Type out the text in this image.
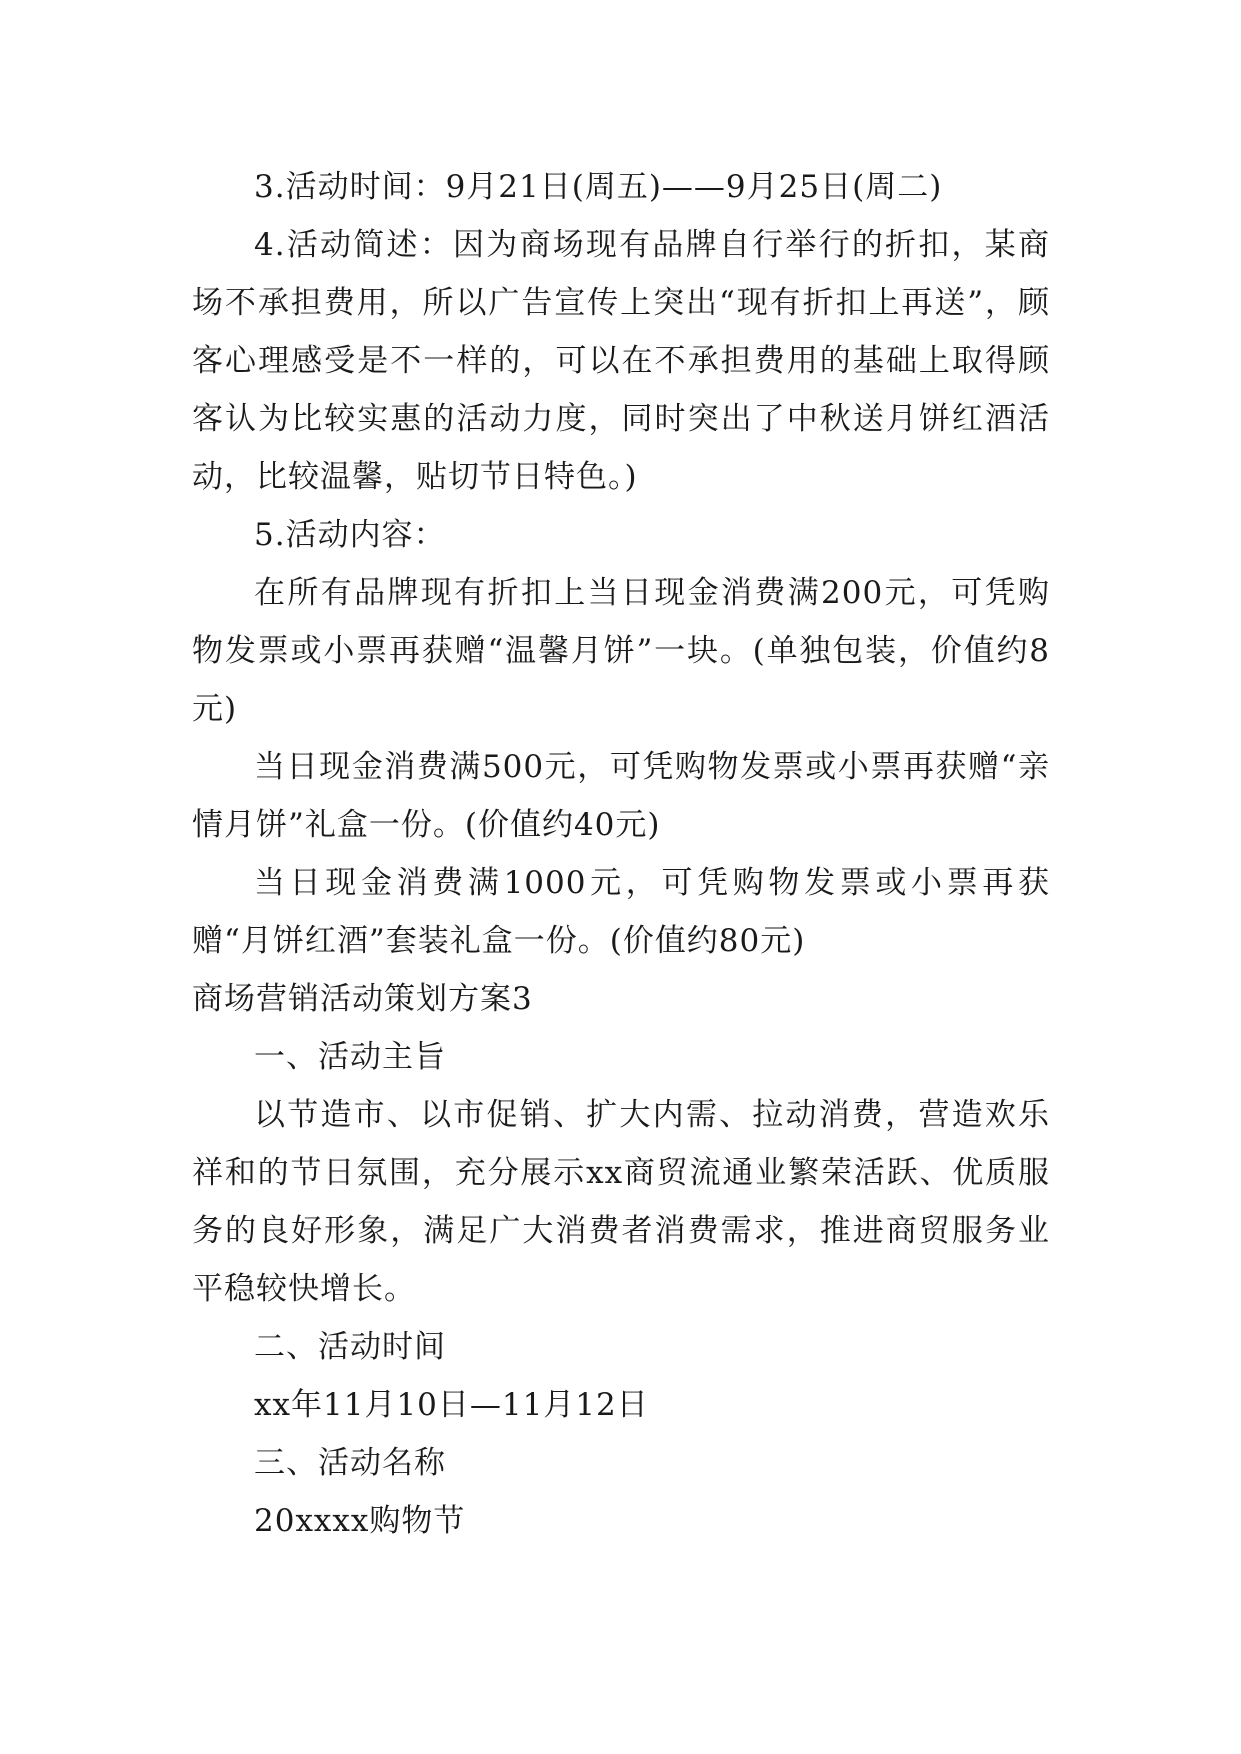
3.活动时间：9月21日(周五)——9月25日(周二)

4.活动简述：因为商场现有品牌自行举行的折扣，某商场不承担费用，所以广告宣传上突出“现有折扣上再送”，顾客心理感受是不一样的，可以在不承担费用的基础上取得顾客认为比较实惠的活动力度，同时突出了中秋送月饼红酒活动，比较温馨，贴切节日特色。)

5.活动内容：

在所有品牌现有折扣上当日现金消费满200元，可凭购物发票或小票再获赠“温馨月饼”一块。(单独包装，价值约8元)

当日现金消费满500元，可凭购物发票或小票再获赠“亲情月饼”礼盒一份。(价值约40元)

当日现金消费满1000元，可凭购物发票或小票再获赠“月饼红酒”套装礼盒一份。(价值约80元)

商场营销活动策划方案3

一、活动主旨

以节造市、以市促销、扩大内需、拉动消费，营造欢乐祥和的节日氛围，充分展示xx商贸流通业繁荣活跃、优质服务的良好形象，满足广大消费者消费需求，推进商贸服务业平稳较快增长。

二、活动时间

xx年11月10日—11月12日

三、活动名称

20xxxx购物节
